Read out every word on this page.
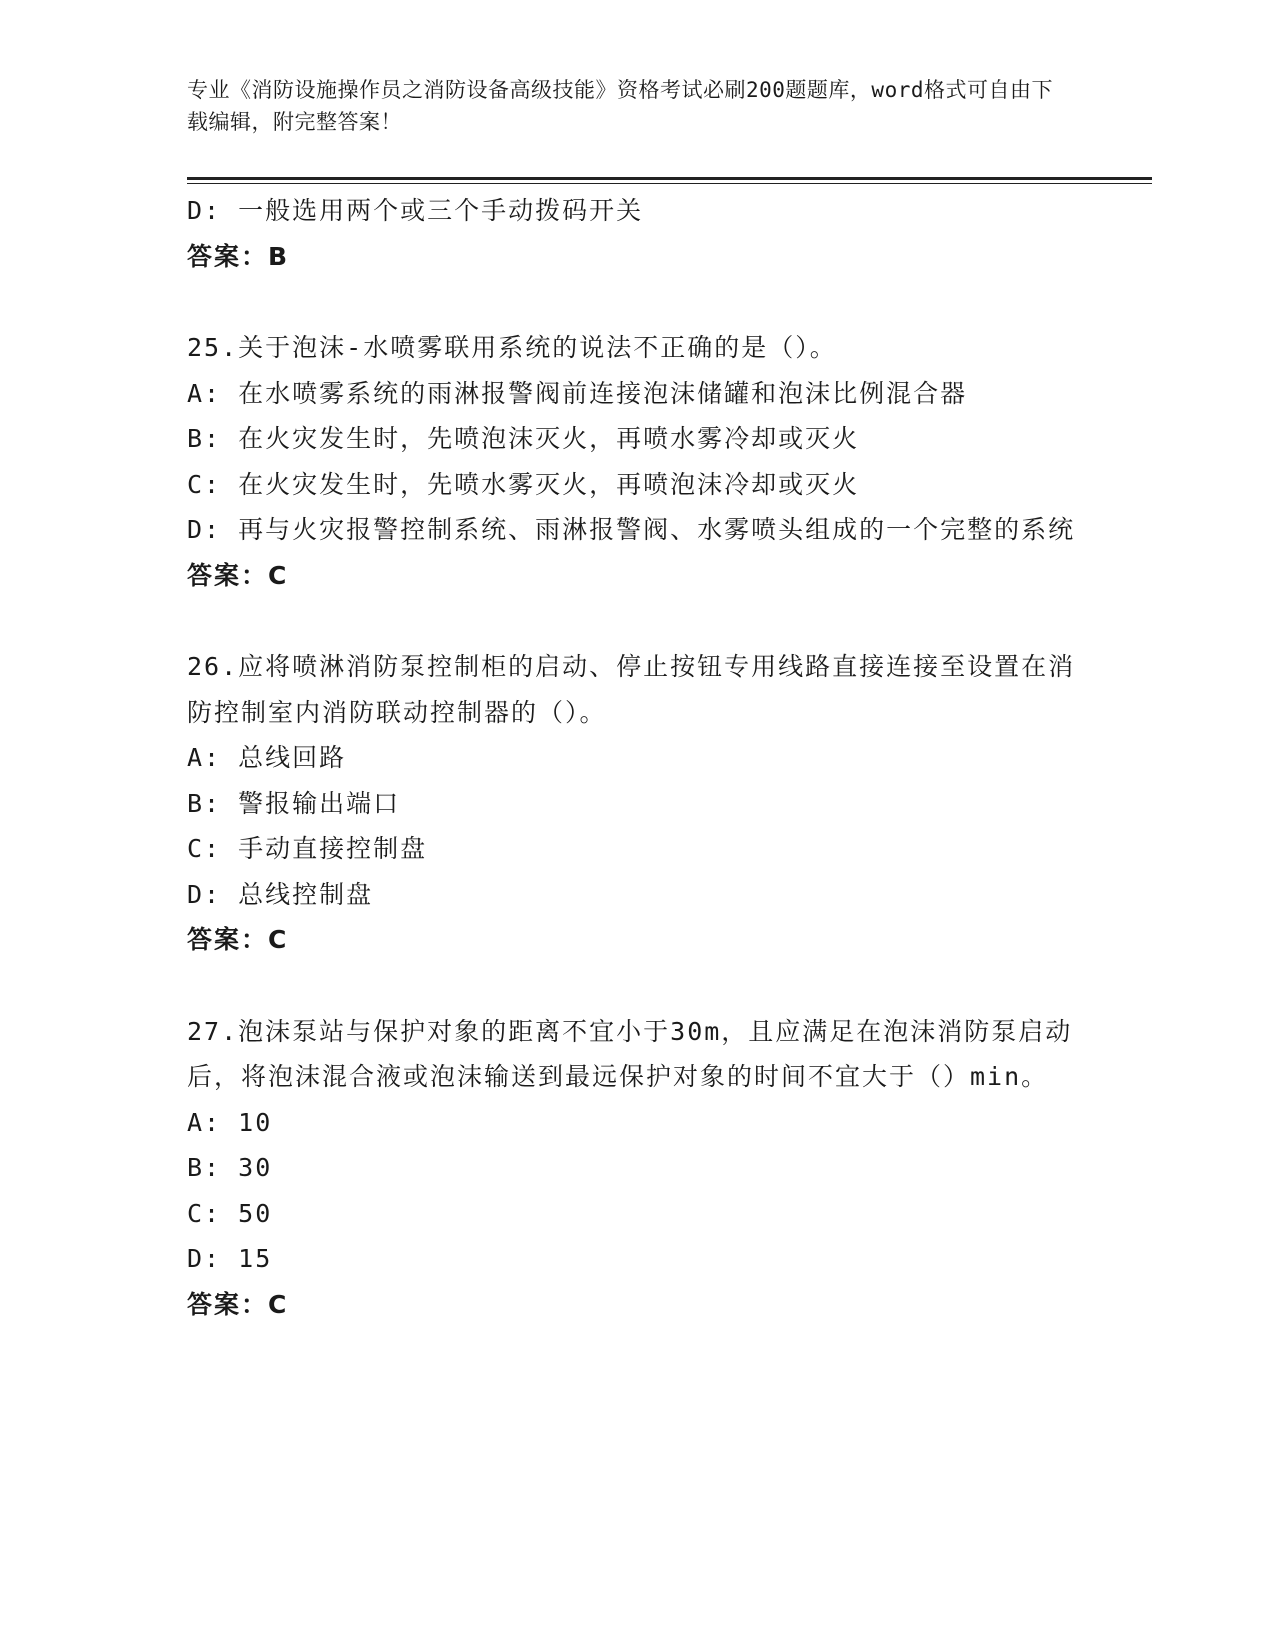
专业《消防设施操作员之消防设备高级技能》资格考试必刷200题题库，word格式可自由下载编辑，附完整答案！
D: 一般选用两个或三个手动拨码开关
答案：B
25.关于泡沫-水喷雾联用系统的说法不正确的是（）。
A: 在水喷雾系统的雨淋报警阀前连接泡沫储罐和泡沫比例混合器
B: 在火灾发生时，先喷泡沫灭火，再喷水雾冷却或灭火
C: 在火灾发生时，先喷水雾灭火，再喷泡沫冷却或灭火
D: 再与火灾报警控制系统、雨淋报警阀、水雾喷头组成的一个完整的系统
答案：C
26.应将喷淋消防泵控制柜的启动、停止按钮专用线路直接连接至设置在消防控制室内消防联动控制器的（）。
A: 总线回路
B: 警报输出端口
C: 手动直接控制盘
D: 总线控制盘
答案：C
27.泡沫泵站与保护对象的距离不宜小于30m，且应满足在泡沫消防泵启动后，将泡沫混合液或泡沫输送到最远保护对象的时间不宜大于（）min。
A: 10
B: 30
C: 50
D: 15
答案：C
